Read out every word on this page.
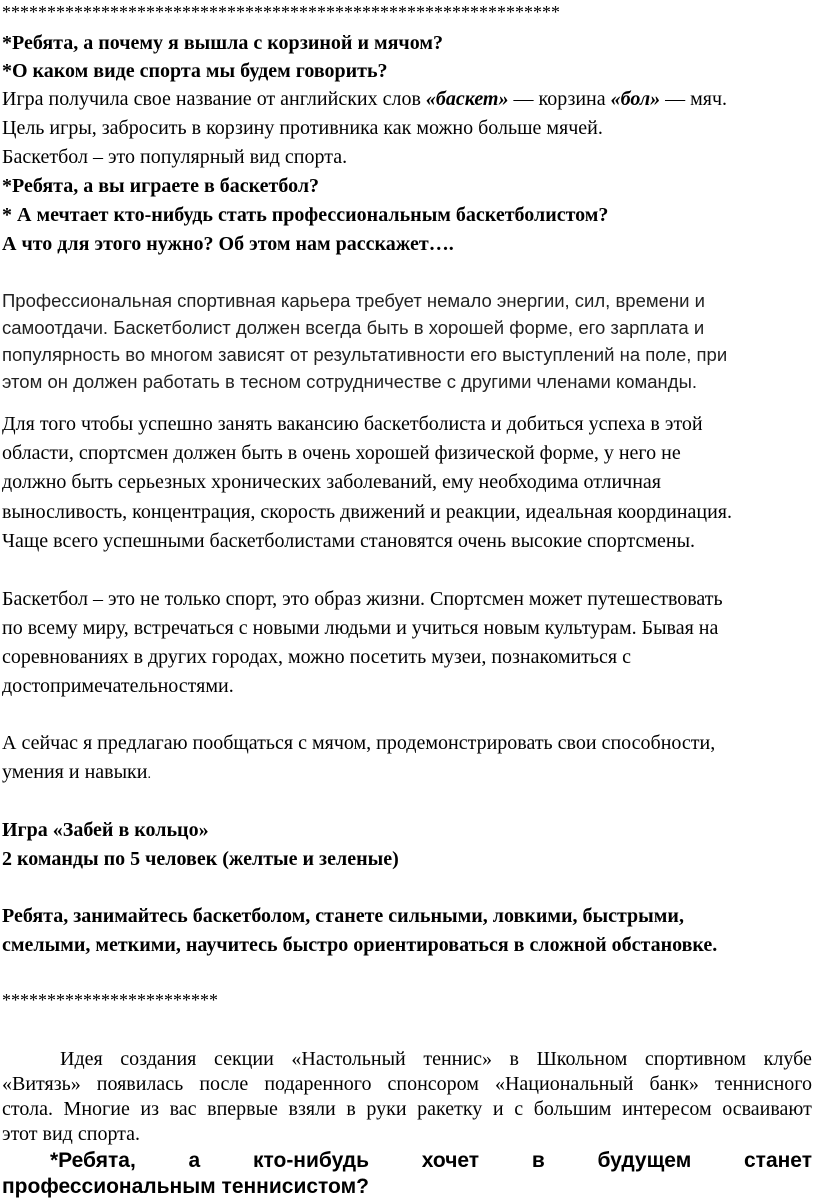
**************************************************************
*Ребята, а почему я вышла с корзиной и мячом?
*О каком виде спорта мы будем говорить?
Игра получила свое название от английских слов «баскет» — корзина «бол» — мяч.
Цель игры, забросить в корзину противника как можно больше мячей.
Баскетбол – это популярный вид спорта.
*Ребята, а вы играете в баскетбол?
* А мечтает кто-нибудь стать профессиональным баскетболистом?
А что для этого нужно? Об этом нам расскажет….
Профессиональная спортивная карьера требует немало энергии, сил, времени и
самоотдачи. Баскетболист должен всегда быть в хорошей форме, его зарплата и
популярность во многом зависят от результативности его выступлений на поле, при
этом он должен работать в тесном сотрудничестве с другими членами команды.
Для того чтобы успешно занять вакансию баскетболиста и добиться успеха в этой
области, спортсмен должен быть в очень хорошей физической форме, у него не
должно быть серьезных хронических заболеваний, ему необходима отличная
выносливость, концентрация, скорость движений и реакции, идеальная координация.
Чаще всего успешными баскетболистами становятся очень высокие спортсмены.
Баскетбол – это не только спорт, это образ жизни. Спортсмен может путешествовать
по всему миру, встречаться с новыми людьми и учиться новым культурам. Бывая на
соревнованиях в других городах, можно посетить музеи, познакомиться с
достопримечательностями.
А сейчас я предлагаю пообщаться с мячом, продемонстрировать свои способности,
умения и навыки.
Игра «Забей в кольцо»
2 команды по 5 человек (желтые и зеленые)
Ребята, занимайтесь баскетболом, станете сильными, ловкими, быстрыми,
смелыми, меткими, научитесь быстро ориентироваться в сложной обстановке.
************************
Идея создания секции «Настольный теннис» в Школьном спортивном клубе
«Витязь» появилась после подаренного спонсором «Национальный банк» теннисного
стола. Многие из вас впервые взяли в руки ракетку и с большим интересом осваивают
этот вид спорта.
*Ребята,	а	кто-нибудь	хочет	в	будущем	станет
профессиональным теннисистом?
